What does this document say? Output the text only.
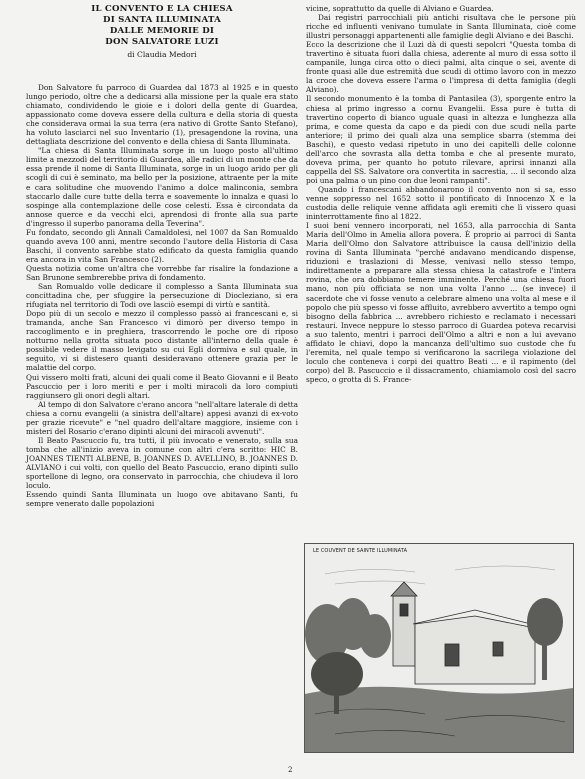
IL CONVENTO E LA CHIESA
DI SANTA ILLUMINATA
DALLE MEMORIE DI
DON SALVATORE LUZI
di Claudia Medori

Don Salvatore fu parroco di Guardea dal 1873 al 1925 e in questo lungo periodo, oltre che a dedicarsi alla missione per la quale era stato chiamato, condividendo le gioie e i dolori della gente di Guardea, appassionato come doveva essere della cultura e della storia di questa che considerava ormai la sua terra (era nativo di Grotte Santo Stefano), ha voluto lasciarci nel suo Inventario (1), presagendone la rovina, una dettagliata descrizione del convento e della chiesa di Santa Illuminata.

"La chiesa di Santa Illuminata sorge in un luogo posto all'ultimo limite a mezzodì del territorio di Guardea, alle radici di un monte che da essa prende il nome di Santa Illuminata, sorge in un luogo arido per gli scogli di cui è seminato, ma bello per la posizione, attraente per la mite e cara solitudine che muovendo l'animo a dolce malinconia, sembra staccarlo dalle cure tutte della terra e soavemente lo innalza e quasi lo sospinge alla contemplazione delle cose celesti. Essa è circondata da annose querce e da vecchi elci, aprendosi di fronte alla sua parte d'ingresso il superbo panorama della Teverina".

Fu fondato, secondo gli Annali Camaldolesi, nel 1007 da San Romualdo quando aveva 100 anni, mentre secondo l'autore della Historia di Casa Baschi, il convento sarebbe stato edificato da questa famiglia quando era ancora in vita San Francesco (2).

Questa notizia come un'altra che vorrebbe far risalire la fondazione a San Brunone sembrerebbe priva di fondamento.

San Romualdo volle dedicare il complesso a Santa Illuminata sua concittadina che, per sfuggire la persecuzione di Diocleziano, si era rifugiata nel territorio di Todi ove lasciò esempi di virtù e santità.

Dopo più di un secolo e mezzo il complesso passò ai francescani e, si tramanda, anche San Francesco vi dimorò per diverso tempo in raccoglimento e in preghiera, trascorrendo le poche ore di riposo notturno nella grotta situata poco distante all'interno della quale è possibile vedere il masso levigato su cui Egli dormiva e sul quale, in seguito, vi si distesero quanti desideravano ottenere grazia per le malattie del corpo.

Qui vissero molti frati, alcuni dei quali come il Beato Giovanni e il Beato Pascuccio per i loro meriti e per i molti miracoli da loro compiuti raggiunsero gli onori degli altari.

Al tempo di don Salvatore c'erano ancora "nell'altare laterale di detta chiesa a cornu evangelii (a sinistra dell'altare) appesi avanzi di ex-voto per grazie ricevute" e "nel quadro dell'altare maggiore, insieme con i misteri del Rosario c'erano dipinti alcuni dei miracoli avvenuti".

Il Beato Pascuccio fu, tra tutti, il più invocato e venerato, sulla sua tomba che all'inizio aveva in comune con altri c'era scritto: HIC B. JOANNES TIENTI ALBENE, B. JOANNES D. AVELLINO, B. JOANNES D. ALVIANO i cui volti, con quello del Beato Pascuccio, erano dipinti sullo sportellone di legno, ora conservato in parrocchia, che chiudeva il loro loculo.

Essendo quindi Santa Illuminata un luogo ove abitavano Santi, fu sempre venerato dalle popolazioni

vicine, soprattutto da quelle di Alviano e Guardea.

Dai registri parrocchiali più antichi risultava che le persone più ricche ed influenti venivano tumulate in Santa Illuminata, cioè come illustri personaggi appartenenti alle famiglie degli Alviano e dei Baschi.

Ecco la descrizione che il Luzi dà di questi sepolcri "Questa tomba di travertino è situata fuori dalla chiesa, aderente al muro di essa sotto il campanile, lunga circa otto o dieci palmi, alta cinque o sei, avente di fronte quasi alle due estremità due scudi di ottimo lavoro con in mezzo la croce che doveva essere l'arma o l'impresa di detta famiglia (degli Alviano).

Il secondo monumento è la tomba di Pantasilea (3), sporgente entro la chiesa al primo ingresso a cornu Evangelii. Essa pure è tutta di travertino coperto di bianco uguale quasi in altezza e lunghezza alla prima, e come questa da capo e da piedi con due scudi nella parte anteriore; il primo dei quali alza una semplice sbarra (stemma dei Baschi), e questo vedasi ripetuto in uno dei capitelli delle colonne dell'arco che sovrasta alla detta tomba e che al presente murato, doveva prima, per quanto ho potuto rilevare, aprirsi innanzi alla cappella del SS. Salvatore ora convertita in sacrestia, ... il secondo alza poi una palma o un pino con due leoni rampanti".

Quando i francescani abbandonarono il convento non si sa, esso venne soppresso nel 1652 sotto il pontificato di Innocenzo X e la custodia delle reliquie venne affidata agli eremiti che lì vissero quasi ininterrottamente fino al 1822.

I suoi beni vennero incorporati, nel 1653, alla parrocchia di Santa Maria dell'Olmo in Amelia allora povera. È proprio ai parroci di Santa Maria dell'Olmo don Salvatore attribuisce la causa dell'inizio della rovina di Santa Illuminata "perché andavano mendicando dispense, riduzioni e traslazioni di Messe, venivasi nello stesso tempo, indirettamente a preparare alla stessa chiesa la catastrofe e l'intera rovina, che ora dobbiamo temere imminente. Perché una chiesa fuori mano, non più officiata se non una volta l'anno ... (se invece) il sacerdote che vi fosse venuto a celebrare almeno una volta al mese e il popolo che più spesso vi fosse affluito, avrebbero avvertito a tempo ogni bisogno della fabbrica ... avrebbero richiesto e reclamato i necessari restauri. Invece neppure lo stesso parroco di Guardea poteva recarvisi a suo talento, mentri i parroci dell'Olmo a altri e non a lui avevano affidato le chiavi, dopo la mancanza dell'ultimo suo custode che fu l'eremita, nel quale tempo si verificarono la sacrilega violazione del loculo che conteneva i corpi dei quattro Beati ... e il rapimento (del corpo) del B. Pascuccio e il dissacramento, chiamiamolo così del sacro speco, o grotta di S. France-

LE COUVENT DE SAINTE ILLUMINATA
2
